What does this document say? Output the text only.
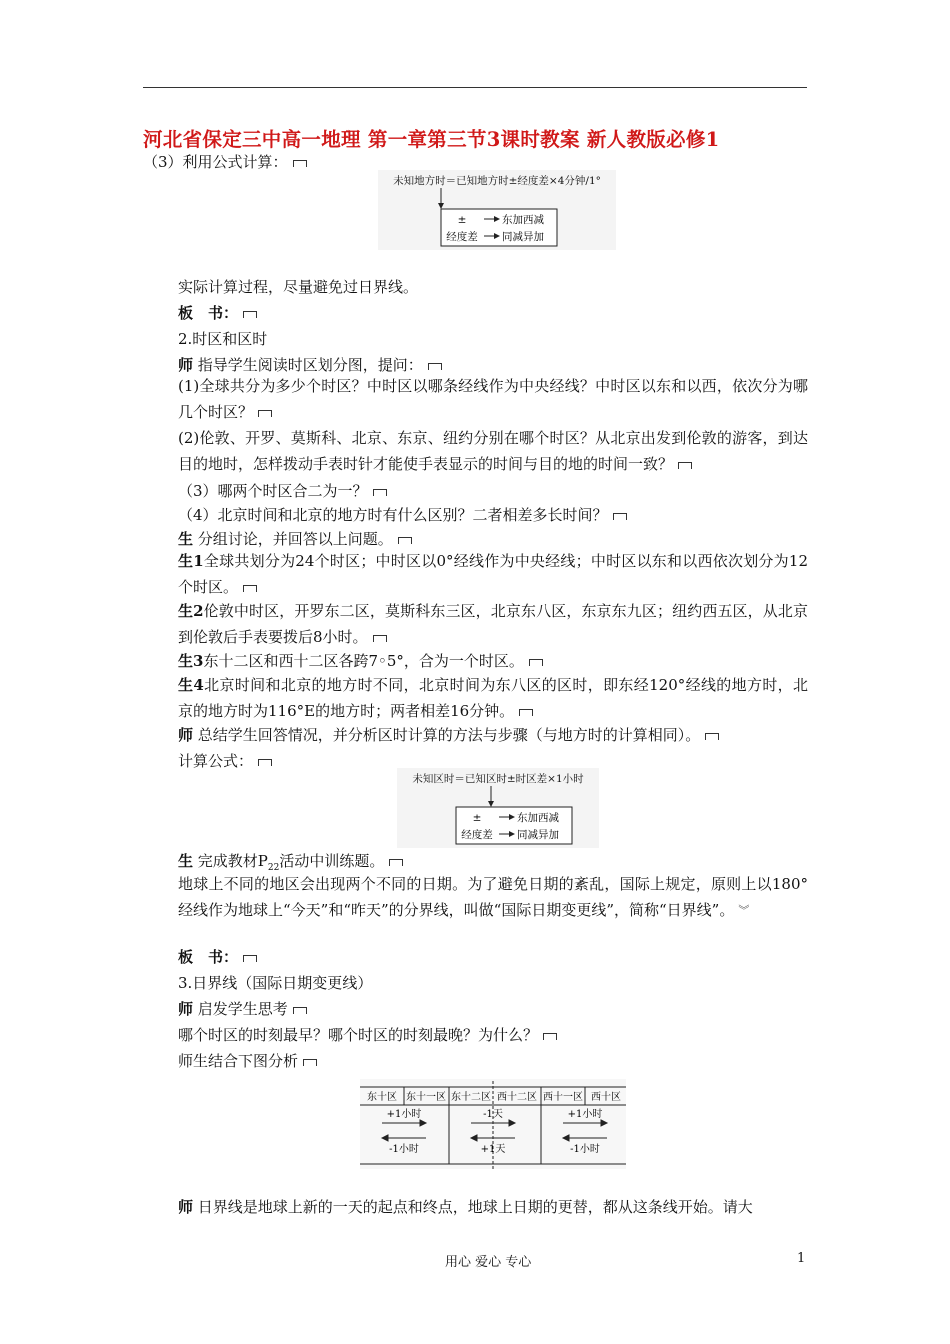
河北省保定三中高一地理 第一章第三节3课时教案 新人教版必修1
（3）利用公式计算：
未知地方时＝已知地方时±经度差×4分钟/1°
±	东加西减
经度差 同减异加
实际计算过程，尽量避免过日界线。
板　书：
2.时区和区时
师 指导学生阅读时区划分图，提问：
(1)全球共分为多少个时区？中时区以哪条经线作为中央经线？中时区以东和以西，依次分为哪几个时区？
(2)伦敦、开罗、莫斯科、北京、东京、纽约分别在哪个时区？从北京出发到伦敦的游客，到达目的地时，怎样拨动手表时针才能使手表显示的时间与目的地的时间一致？
（3）哪两个时区合二为一？
（4）北京时间和北京的地方时有什么区别？二者相差多长时间？
生 分组讨论，并回答以上问题。
生1全球共划分为24个时区；中时区以0°经线作为中央经线；中时区以东和以西依次划分为12个时区。
生2伦敦中时区，开罗东二区，莫斯科东三区，北京东八区，东京东九区；纽约西五区，从北京到伦敦后手表要拨后8小时。
生3东十二区和西十二区各跨7◦5°，合为一个时区。
生4北京时间和北京的地方时不同，北京时间为东八区的区时，即东经120°经线的地方时，北京的地方时为116°E的地方时；两者相差16分钟。
师 总结学生回答情况，并分析区时计算的方法与步骤（与地方时的计算相同）。
计算公式：
未知区时＝已知区时±时区差×1小时
±	东加西减
经度差 同减异加
生 完成教材$P_{22}$活动中训练题。
地球上不同的地区会出现两个不同的日期。为了避免日期的紊乱，国际上规定，原则上以180°经线作为地球上“今天”和“昨天”的分界线，叫做“国际日期变更线”，简称“日界线”。 ︾
板　书：
3.日界线（国际日期变更线）
师 启发学生思考
哪个时区的时刻最早？哪个时区的时刻最晚？为什么？
师生结合下图分析
东十区 东十一区 东十二区 西十二区 西十一区 西十区
+1小时	-1天	+1小时
-1小时	+1天	-1小时
师 日界线是地球上新的一天的起点和终点，地球上日期的更替，都从这条线开始。请大
用心 爱心 专心	1
